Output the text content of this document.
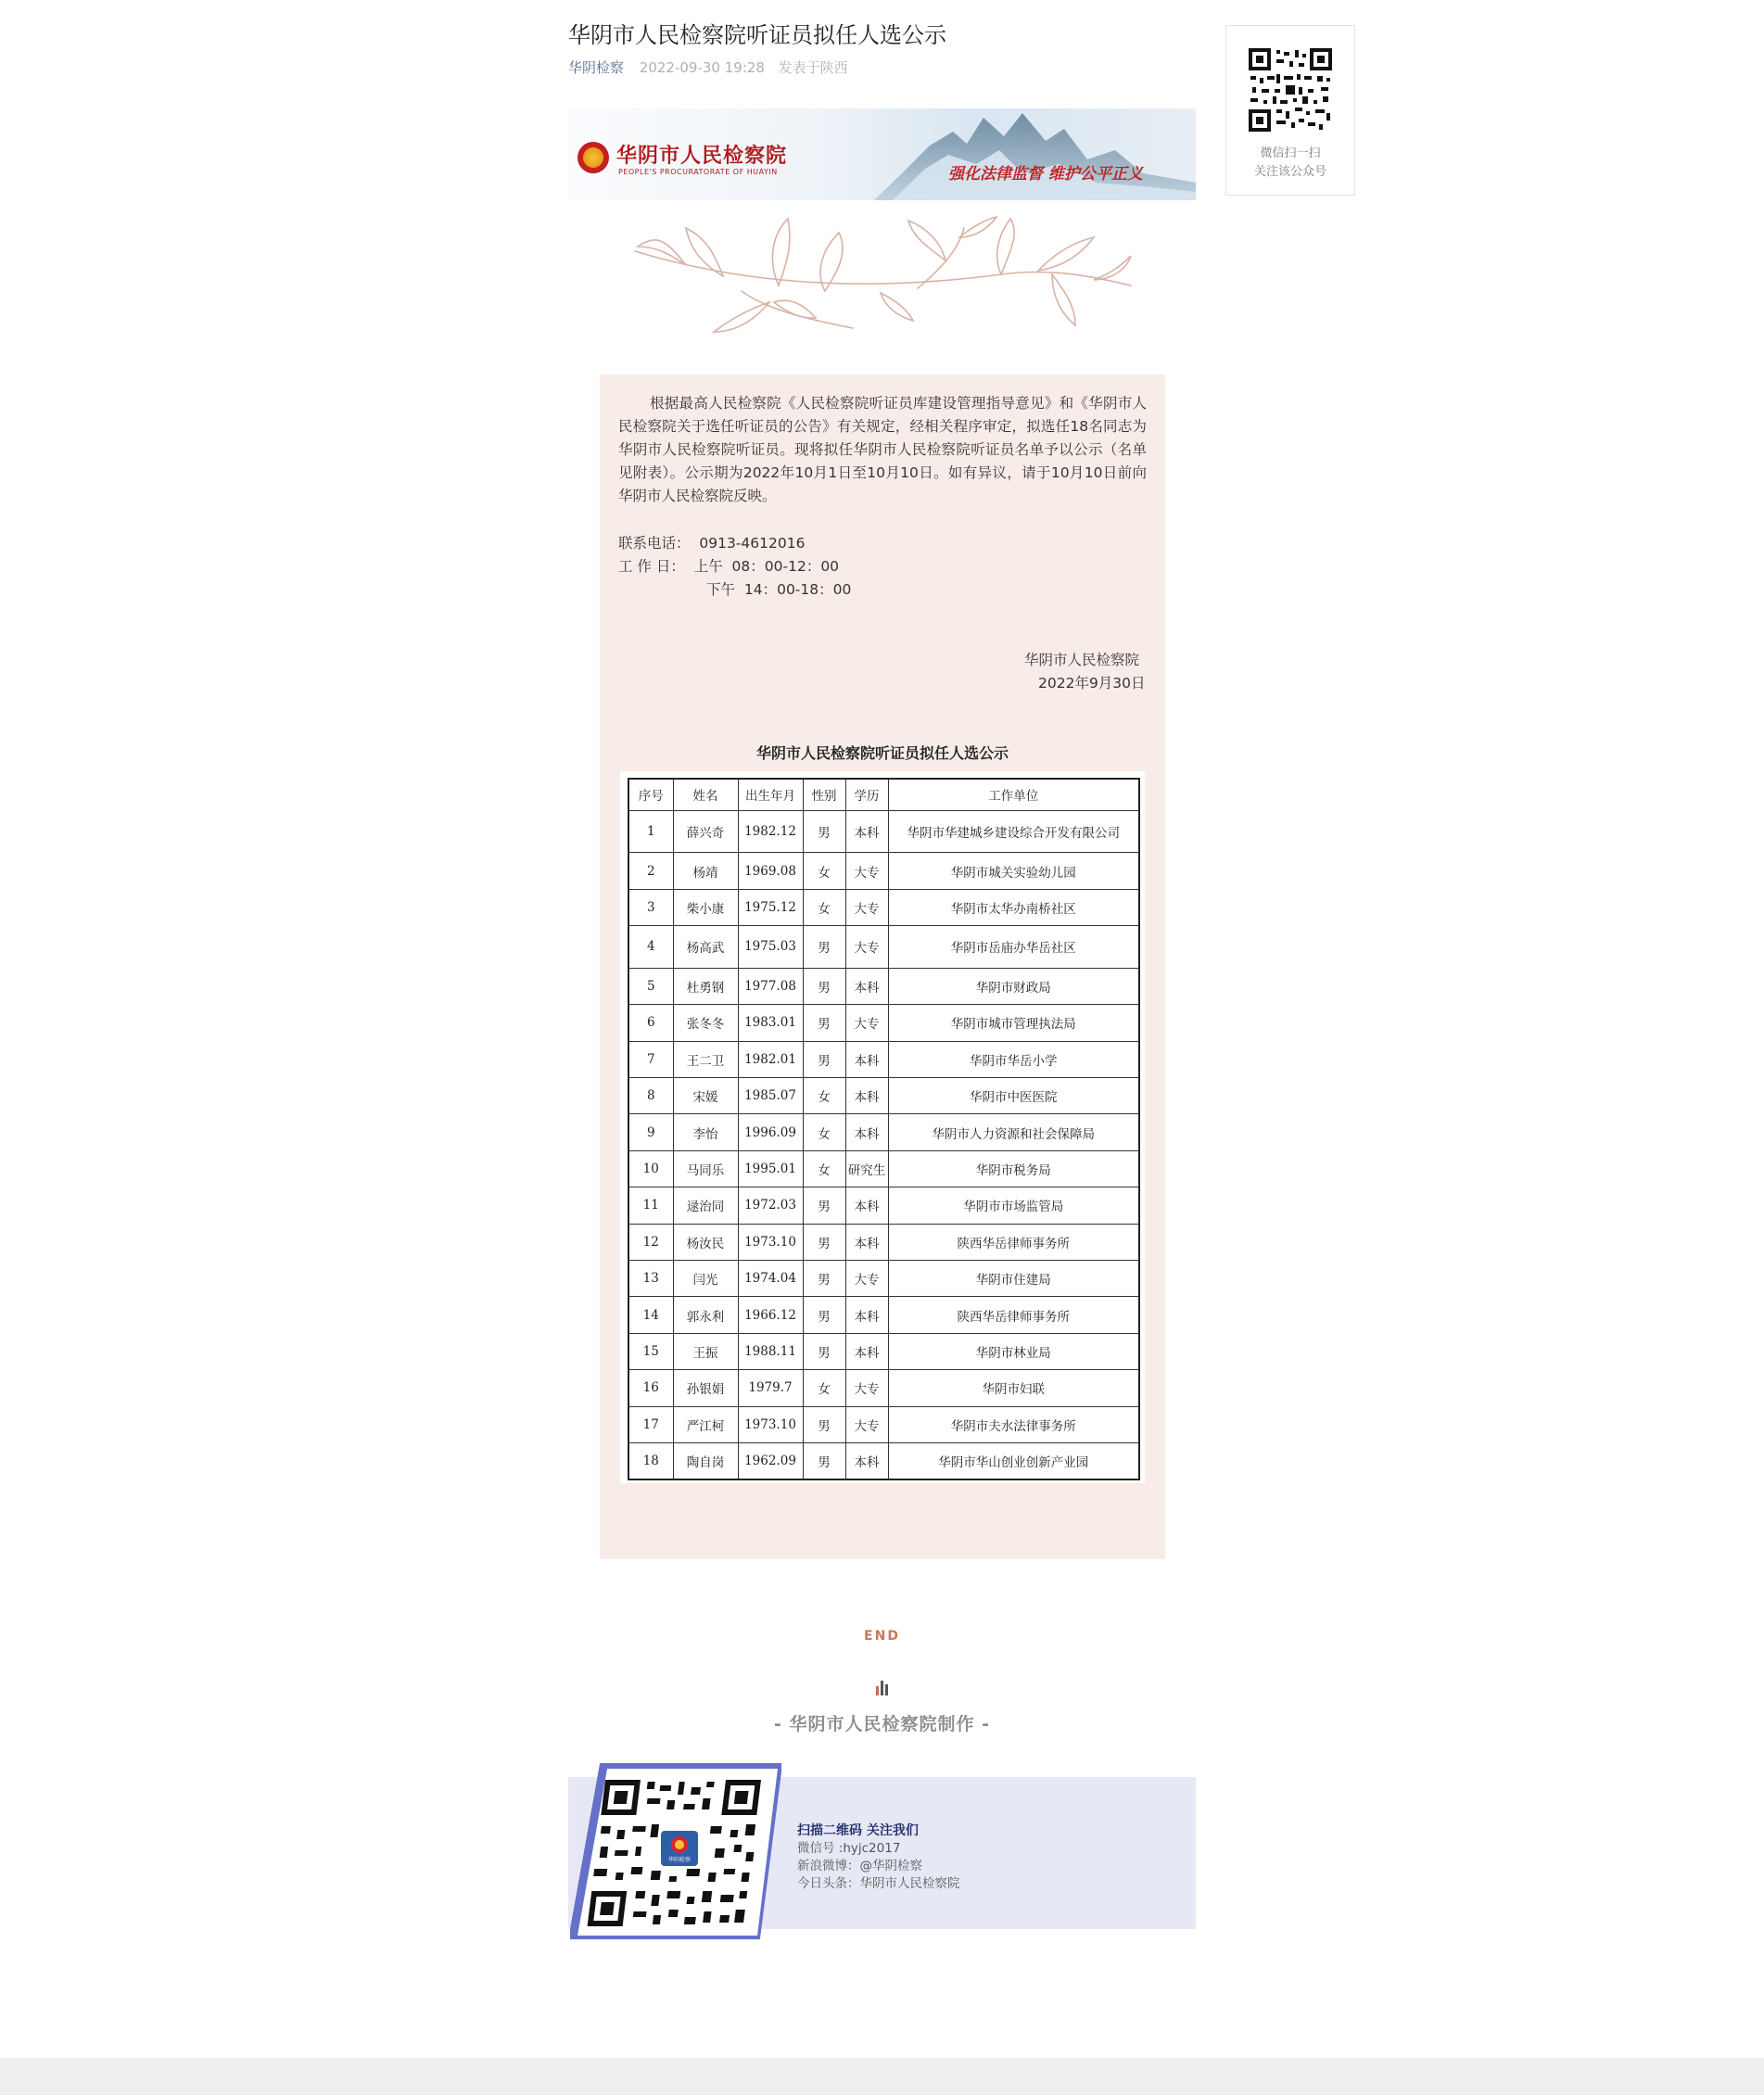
华阴市人民检察院听证员拟任人选公示
华阴检察 2022-09-30 19:28 发表于陕西
华阴市人民检察院
PEOPLE'S PROCURATORATE OF HUAYIN	强化法律监督 维护公平正义
微信扫一扫
关注该公众号
根据最高人民检察院《人民检察院听证员库建设管理指导意见》和《华阴市人民检察院关于选任听证员的公告》有关规定，经相关程序审定，拟选任18名同志为华阴市人民检察院听证员。现将拟任华阴市人民检察院听证员名单予以公示（名单见附表）。公示期为2022年10月1日至10月10日。如有异议，请于10月10日前向华阴市人民检察院反映。
联系电话：  0913-4612016
工 作 日：  上午  08：00-12：00
下午  14：00-18：00
华阴市人民检察院
2022年9月30日
华阴市人民检察院听证员拟任人选公示
序号	姓名	出生年月	性别	学历	工作单位
1	薛兴奇	1982.12	男	本科	华阴市华建城乡建设综合开发有限公司
2	杨靖	1969.08	女	大专	华阴市城关实验幼儿园
3	柴小康	1975.12	女	大专	华阴市太华办南桥社区
4	杨高武	1975.03	男	大专	华阴市岳庙办华岳社区
5	杜勇钢	1977.08	男	本科	华阴市财政局
6	张冬冬	1983.01	男	大专	华阴市城市管理执法局
7	王二卫	1982.01	男	本科	华阴市华岳小学
8	宋媛	1985.07	女	本科	华阴市中医医院
9	李怡	1996.09	女	本科	华阴市人力资源和社会保障局
10	马同乐	1995.01	女	研究生	华阴市税务局
11	逯治同	1972.03	男	本科	华阴市市场监管局
12	杨汝民	1973.10	男	本科	陕西华岳律师事务所
13	闫光	1974.04	男	大专	华阴市住建局
14	郭永利	1966.12	男	本科	陕西华岳律师事务所
15	王振	1988.11	男	本科	华阴市林业局
16	孙银娟	1979.7	女	大专	华阴市妇联
17	严江柯	1973.10	男	大专	华阴市夫水法律事务所
18	陶自岗	1962.09	男	本科	华阴市华山创业创新产业园
END
- 华阴市人民检察院制作 -
华阴检察
扫描二维码 关注我们
微信号 :hyjc2017
新浪微博：@华阴检察
今日头条：华阴市人民检察院
